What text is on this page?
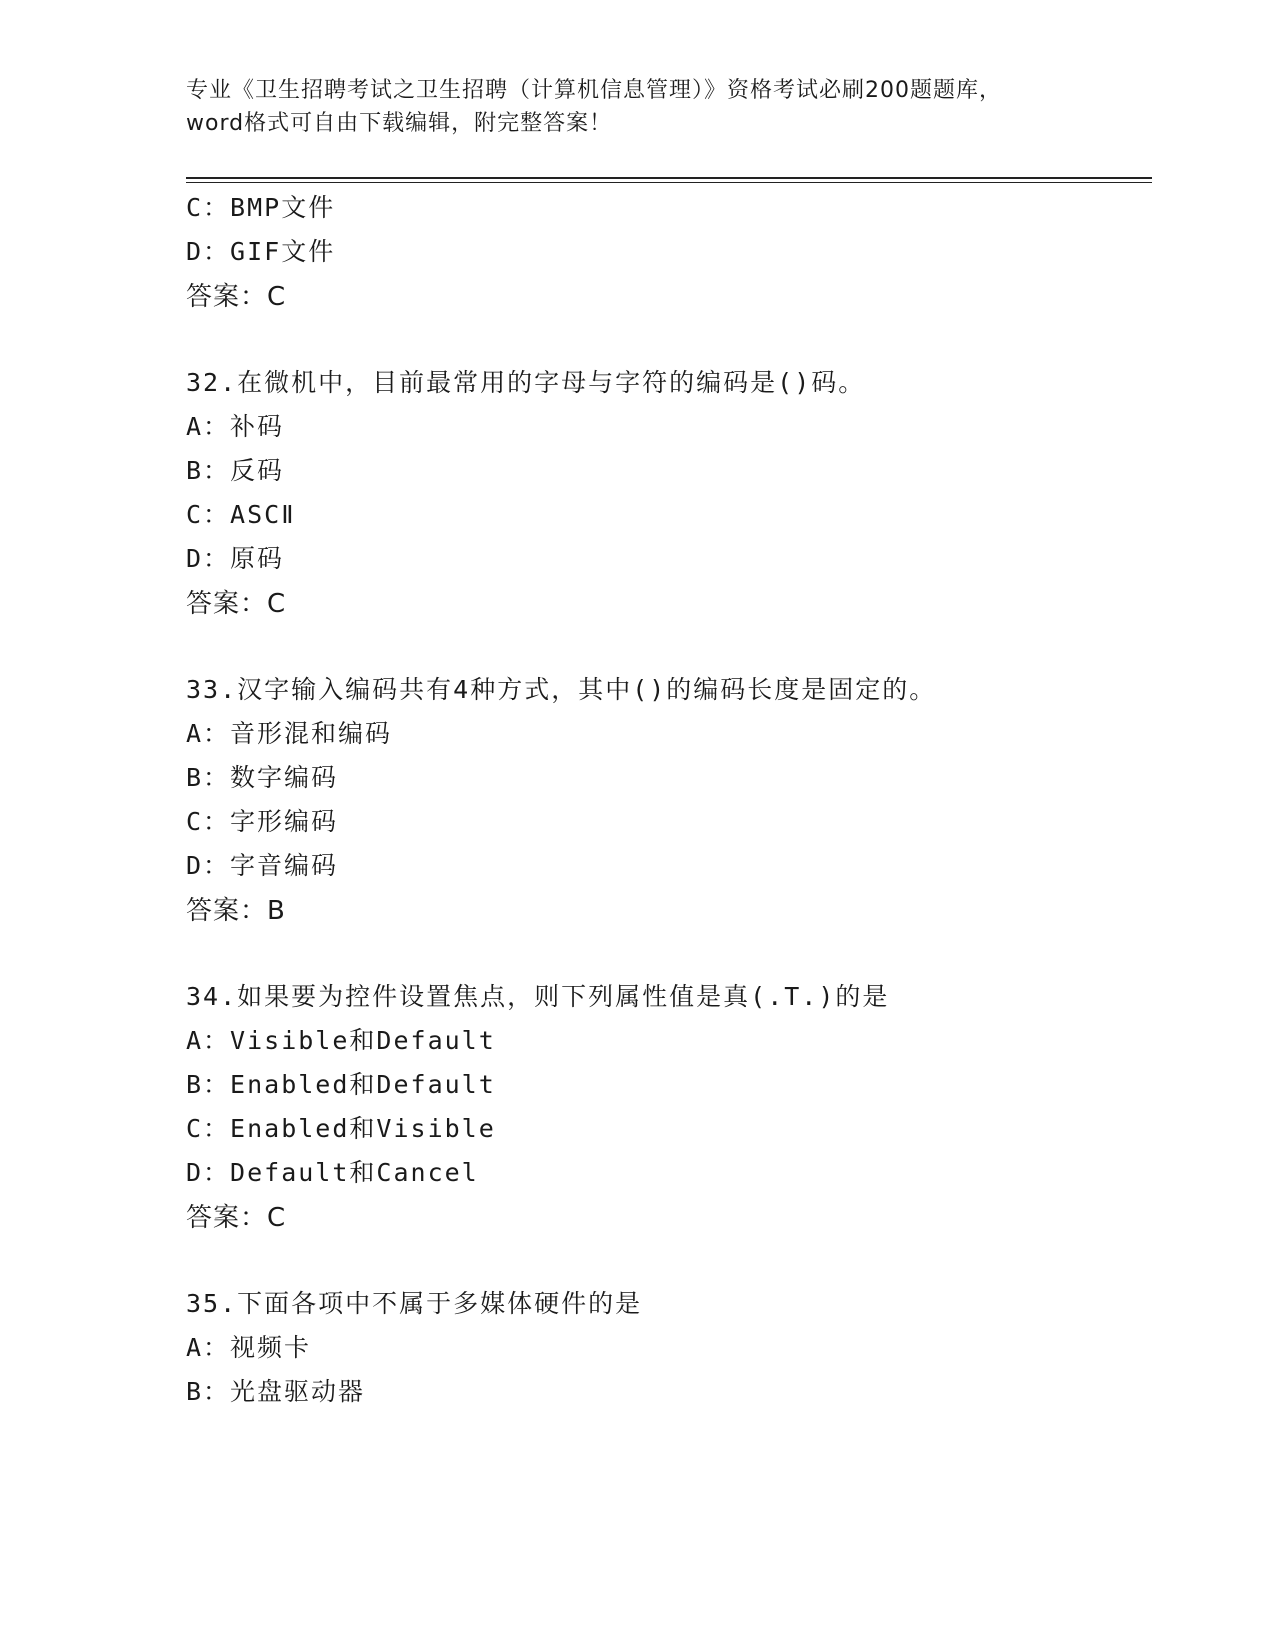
专业《卫生招聘考试之卫生招聘（计算机信息管理）》资格考试必刷200题题库，
word格式可自由下载编辑，附完整答案！
C：BMP文件
D：GIF文件
答案：C
32.在微机中，目前最常用的字母与字符的编码是()码。
A：补码
B：反码
C：ASCⅡ
D：原码
答案：C
33.汉字输入编码共有4种方式，其中()的编码长度是固定的。
A：音形混和编码
B：数字编码
C：字形编码
D：字音编码
答案：B
34.如果要为控件设置焦点，则下列属性值是真(.T.)的是
A：Visible和Default
B：Enabled和Default
C：Enabled和Visible
D：Default和Cancel
答案：C
35.下面各项中不属于多媒体硬件的是
A：视频卡
B：光盘驱动器
